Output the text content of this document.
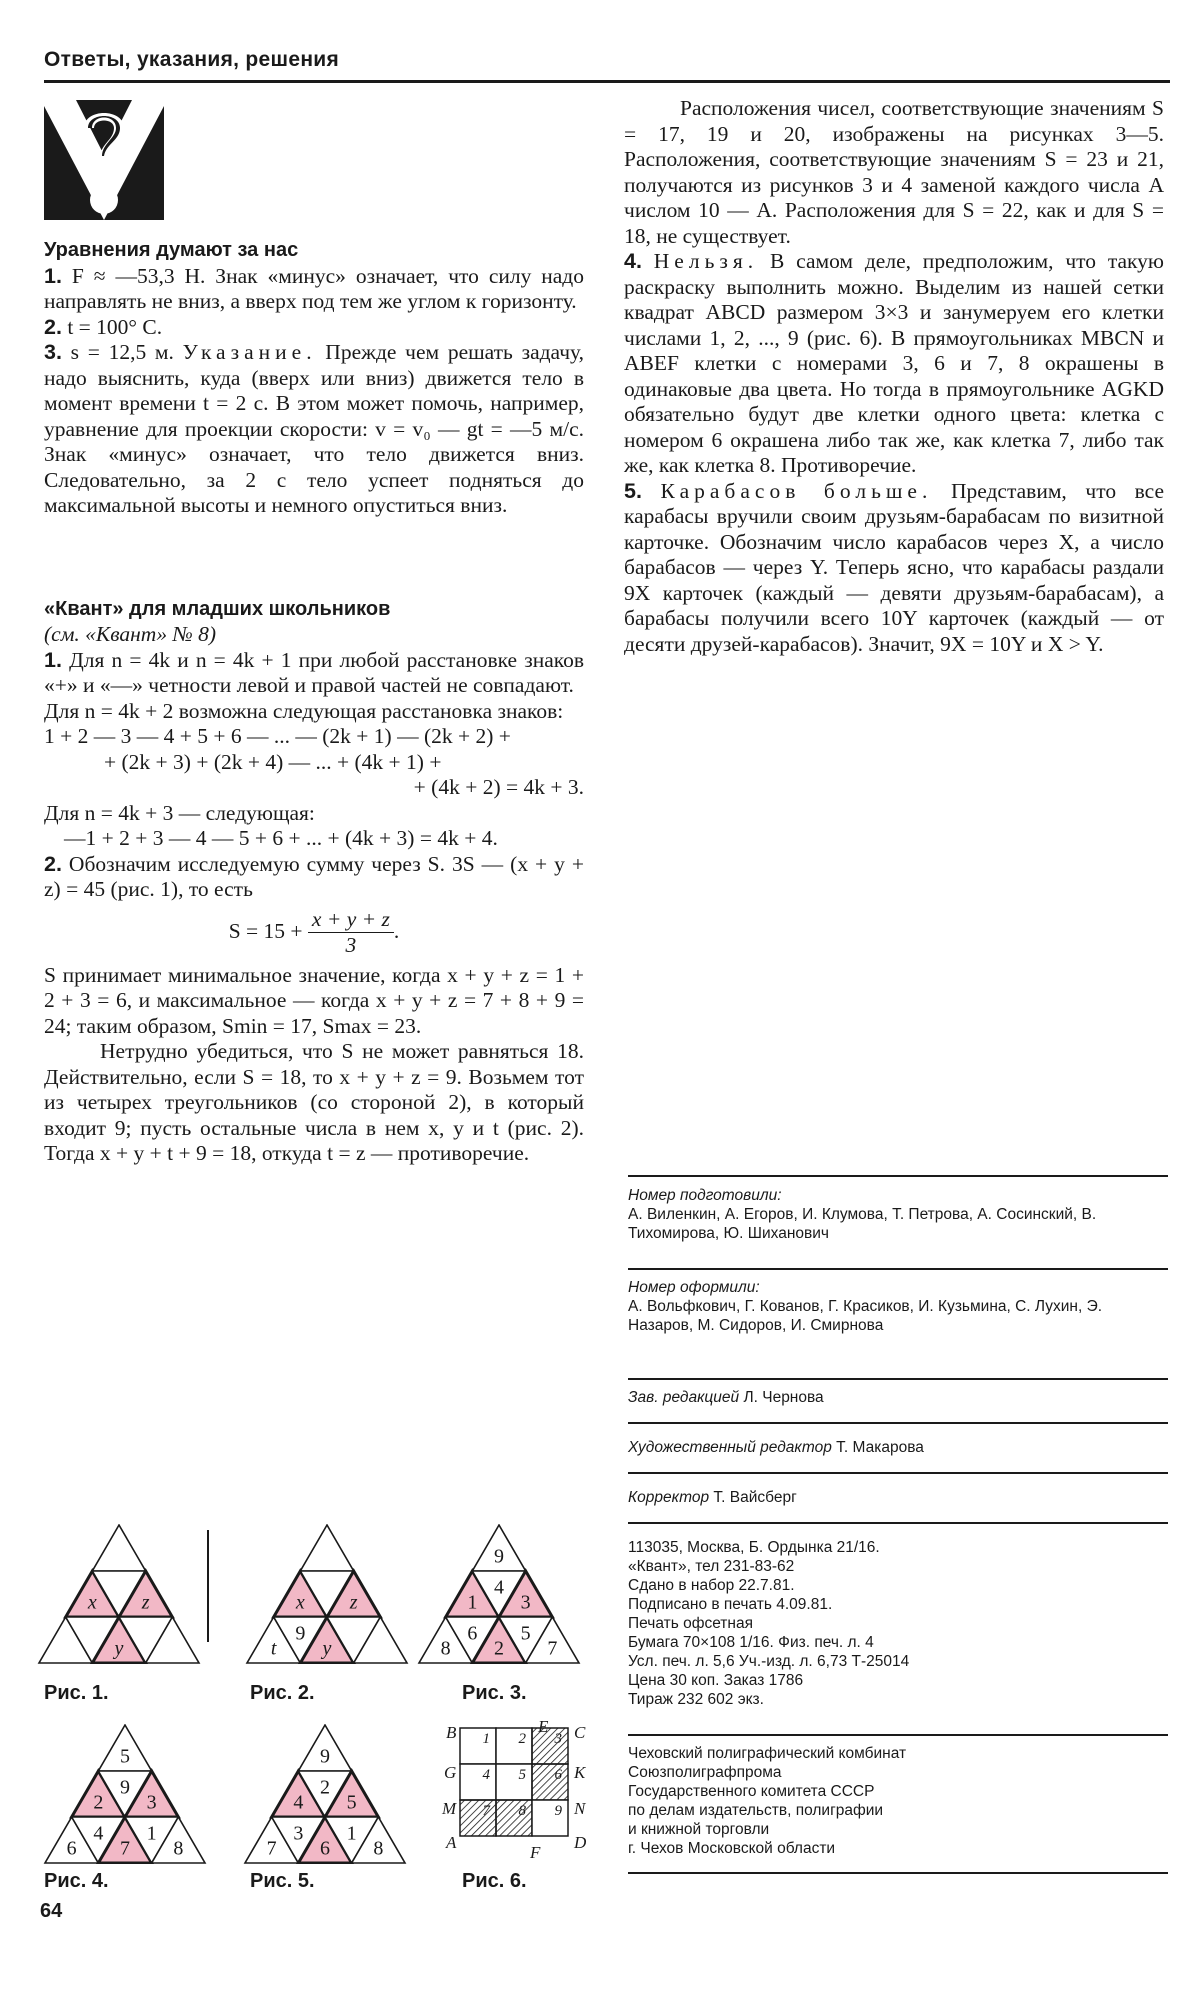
Ответы, указания, решения

Уравнения думают за нас

1. F ≈ —53,3 Н. Знак «минус» означает, что силу надо направлять не вниз, а вверх под тем же углом к горизонту.

2. t = 100° С.

3. s = 12,5 м. Указание. Прежде чем решать задачу, надо выяснить, куда (вверх или вниз) движется тело в момент времени t = 2 с. В этом может помочь, например, уравнение для проекции скорости: v = v₀ — gt = —5 м/с. Знак «минус» означает, что тело движется вниз. Следовательно, за 2 с тело успеет подняться до максимальной высоты и немного опуститься вниз.

«Квант» для младших школьников

(см. «Квант» № 8)

1. Для n = 4k и n = 4k + 1 при любой расстановке знаков «+» и «—» четности левой и правой частей не совпадают.

Для n = 4k + 2 возможна следующая расстановка знаков:

1 + 2 — 3 — 4 + 5 + 6 — ... — (2k + 1) — (2k + 2) +

+ (2k + 3) + (2k + 4) — ... + (4k + 1) +

+ (4k + 2) = 4k + 3.

Для n = 4k + 3 — следующая:

—1 + 2 + 3 — 4 — 5 + 6 + ... + (4k + 3) = 4k + 4.

2. Обозначим исследуемую сумму через S. 3S — (x + y + z) = 45 (рис. 1), то есть

$S = 15 + \frac{x + y + z}{3}$ .

S принимает минимальное значение, когда x + y + z = 1 + 2 + 3 = 6, и максимальное — когда x + y + z = 7 + 8 + 9 = 24; таким образом, Smin = 17, Smax = 23.

Нетрудно убедиться, что S не может равняться 18. Действительно, если S = 18, то x + y + z = 9. Возьмем тот из четырех треугольников (со стороной 2), в который входит 9; пусть остальные числа в нем x, y и t (рис. 2). Тогда x + y + t + 9 = 18, откуда t = z — противоречие.

Расположения чисел, соответствующие значениям S = 17, 19 и 20, изображены на рисунках 3—5. Расположения, соответствующие значениям S = 23 и 21, получаются из рисунков 3 и 4 заменой каждого числа A числом 10 — A. Расположения для S = 22, как и для S = 18, не существует.

4. Нельзя. В самом деле, предположим, что такую раскраску выполнить можно. Выделим из нашей сетки квадрат ABCD размером 3×3 и занумеруем его клетки числами 1, 2, ..., 9 (рис. 6). В прямоугольниках MBCN и ABEF клетки с номерами 3, 6 и 7, 8 окрашены в одинаковые два цвета. Но тогда в прямоугольнике AGKD обязательно будут две клетки одного цвета: клетка с номером 6 окрашена либо так же, как клетка 7, либо так же, как клетка 8. Противоречие.

5. Карабасов больше. Представим, что все карабасы вручили своим друзьям-барабасам по визитной карточке. Обозначим число карабасов через X, а число барабасов — через Y. Теперь ясно, что карабасы раздали 9X карточек (каждый — девяти друзьям-барабасам), а барабасы получили всего 10Y карточек (каждый — от десяти друзей-карабасов). Значит, 9X = 10Y и X > Y.

Номер подготовили:
А. Виленкин, А. Егоров, И. Клумова, Т. Петрова, А. Сосинский, В. Тихомирова, Ю. Шиханович
Номер оформили:
А. Вольфкович, Г. Кованов, Г. Красиков, И. Кузьмина, С. Лухин, Э. Назаров, М. Сидоров, И. Смирнова
Зав. редакцией Л. Чернова
Художественный редактор Т. Макарова
Корректор Т. Вайсберг
113035, Москва, Б. Ордынка 21/16.
«Квант», тел 231-83-62
Сдано в набор 22.7.81.
Подписано в печать 4.09.81.
Печать офсетная
Бумага 70×108 1/16. Физ. печ. л. 4
Усл. печ. л. 5,6 Уч.-изд. л. 6,73 Т-25014
Цена 30 коп. Заказ 1786
Тираж 232 602 экз.
Чеховский полиграфический комбинат
Союзполиграфпрома
Государственного комитета СССР
по делам издательств, полиграфии
и книжной торговли
г. Чехов Московской области
x z
y
Рис. 1.
x z
t
9
y
Рис. 2.
9
1
4
3
8
6
2
5
7
Рис. 3.
5
2
9
3
6
4
7
1
8
Рис. 4.
9
4
2
5
7
3
6
1
8
Рис. 5.
1 2 3
4 5 6
7 8 9
B	E C
G	K
M	N
A
F
D
Рис. 6.
64
